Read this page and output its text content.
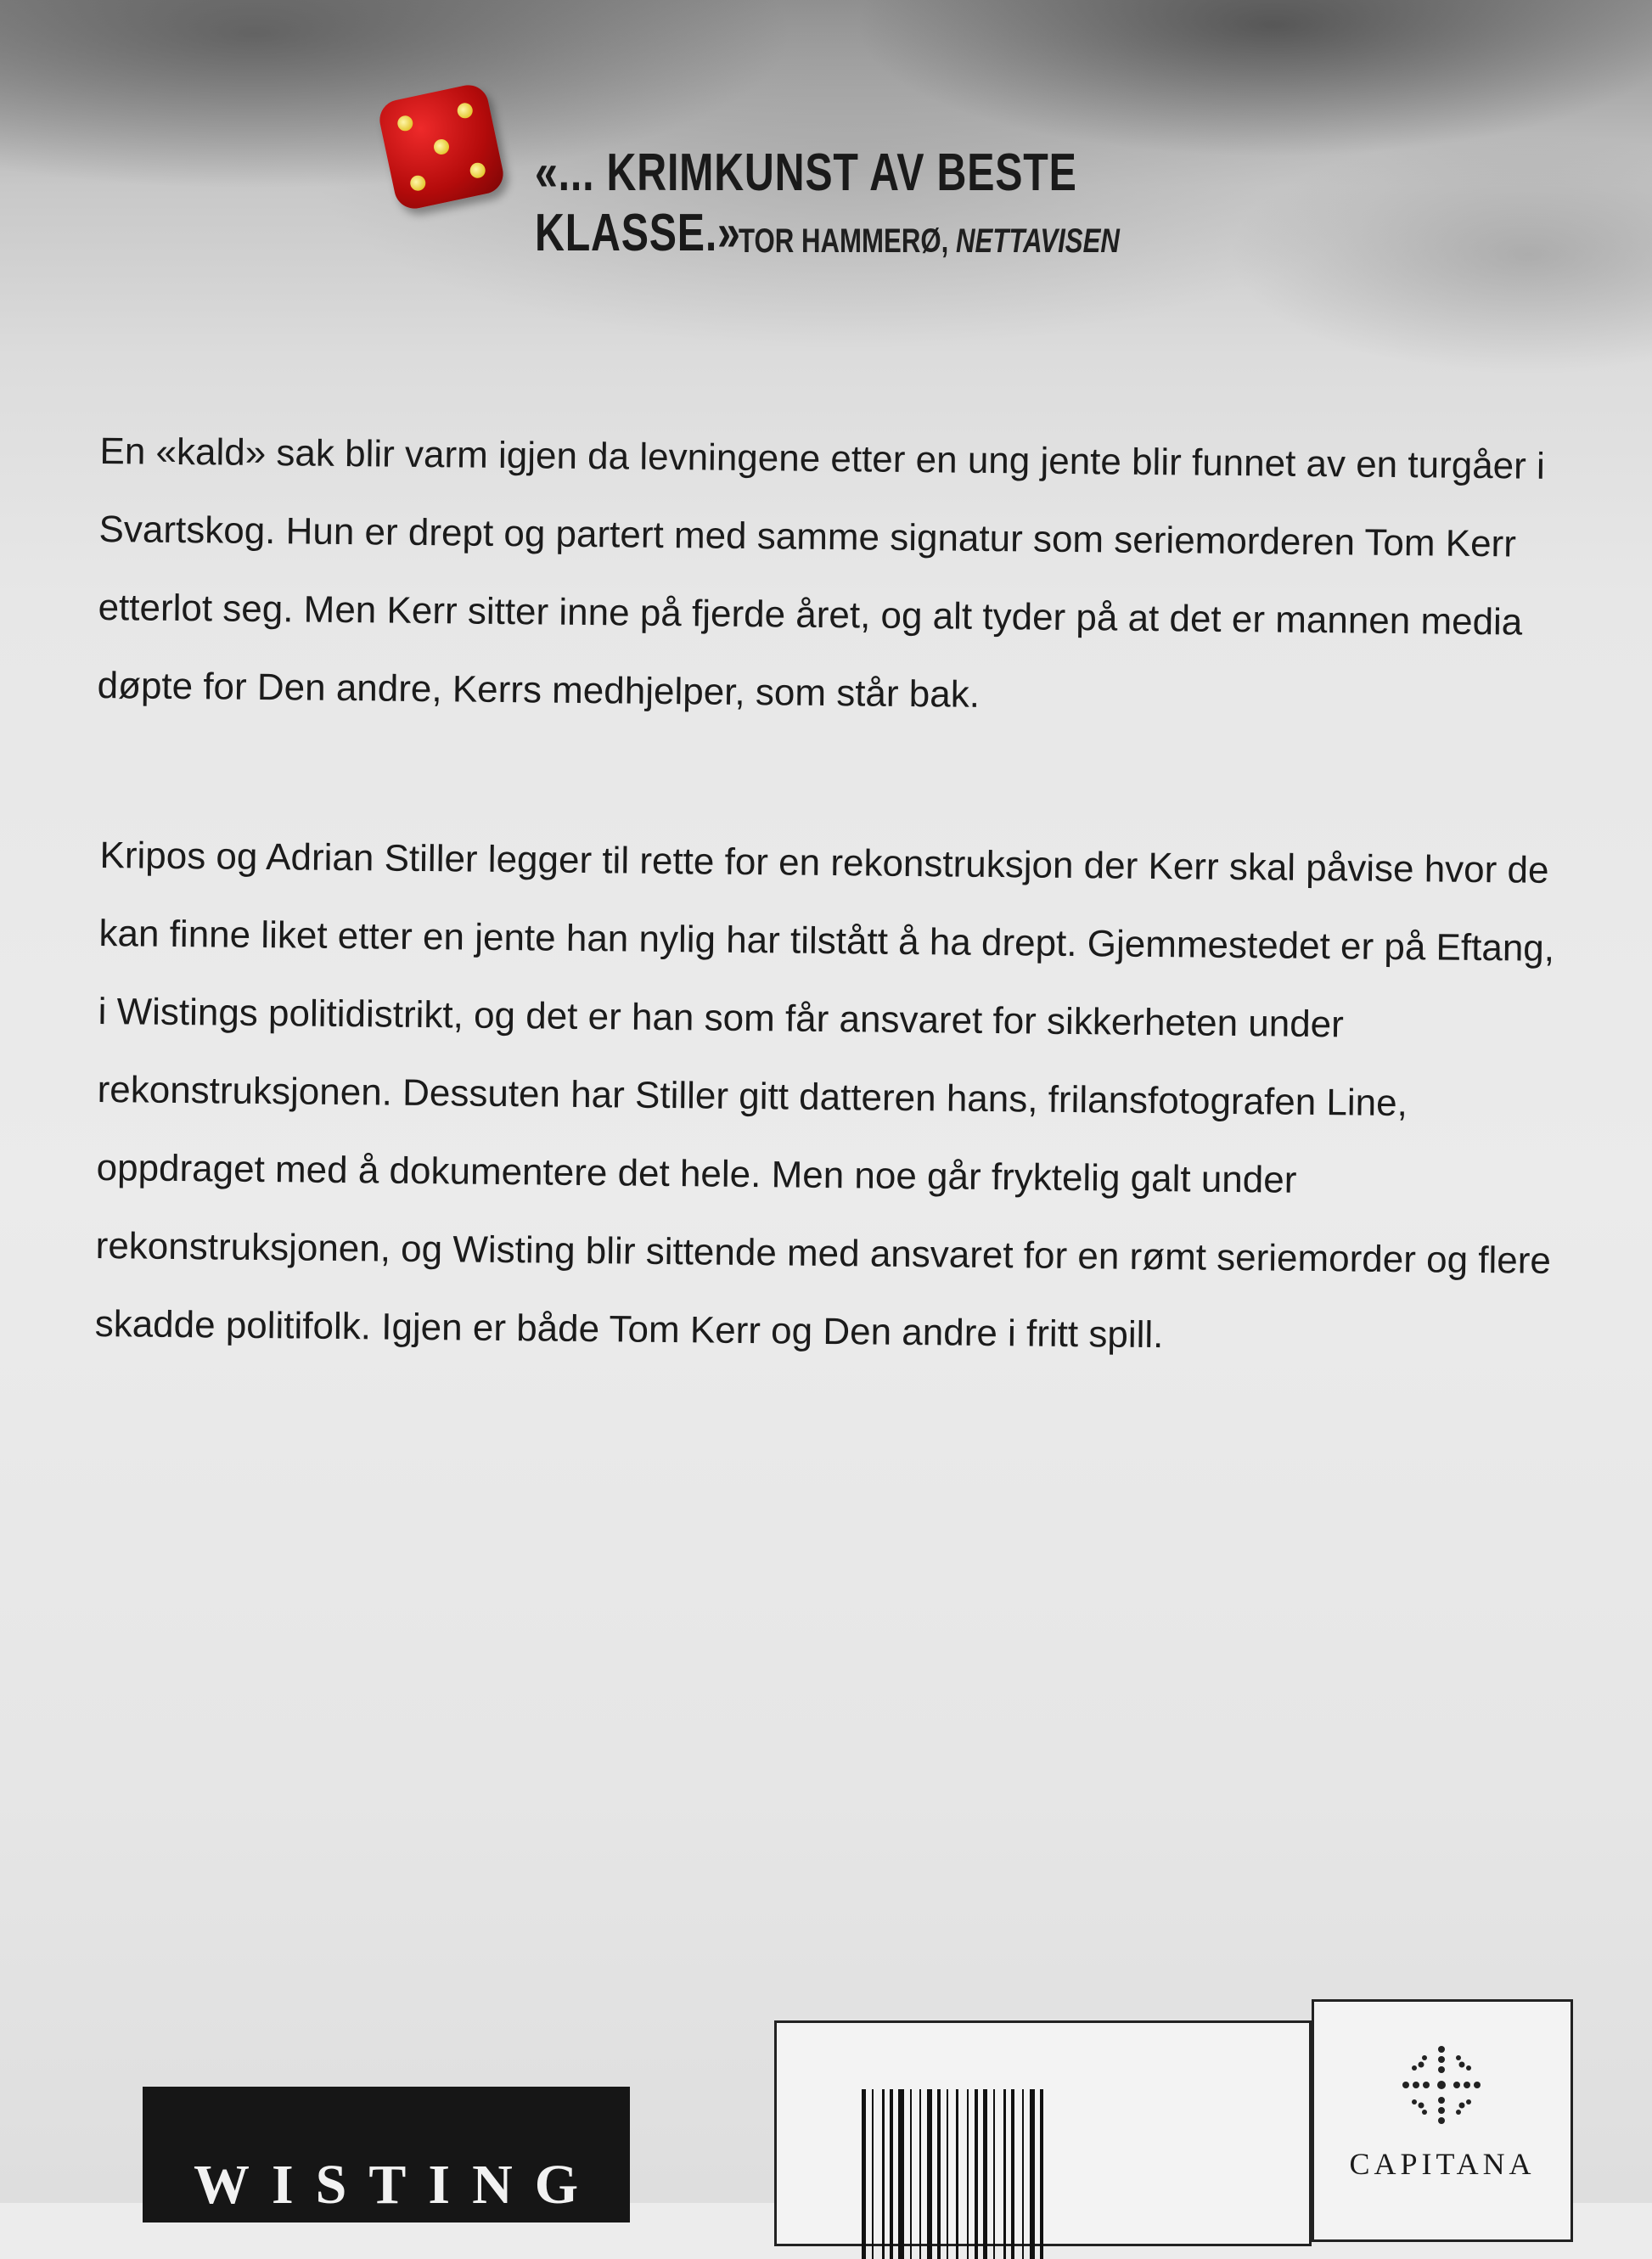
«... KRIMKUNST AV BESTE KLASSE.»

TOR HAMMERØ, NETTAVISEN

En «kald» sak blir varm igjen da levningene etter en ung jente blir funnet av en turgåer i Svartskog. Hun er drept og partert med samme signatur som seriemorderen Tom Kerr etterlot seg. Men Kerr sitter inne på fjerde året, og alt tyder på at det er mannen media døpte for Den andre, Kerrs medhjelper, som står bak.

Kripos og Adrian Stiller legger til rette for en rekonstruksjon der Kerr skal påvise hvor de kan finne liket etter en jente han nylig har tilstått å ha drept. Gjemmestedet er på Eftang, i Wistings politidistrikt, og det er han som får ansvaret for sikkerheten under rekonstruksjonen. Dessuten har Stiller gitt datteren hans, frilansfotografen Line, oppdraget med å dokumentere det hele. Men noe går fryktelig galt under rekonstruksjonen, og Wisting blir sittende med ansvaret for en rømt seriemorder og flere skadde politifolk. Igjen er både Tom Kerr og Den andre i fritt spill.

WISTING	CAPITANA
